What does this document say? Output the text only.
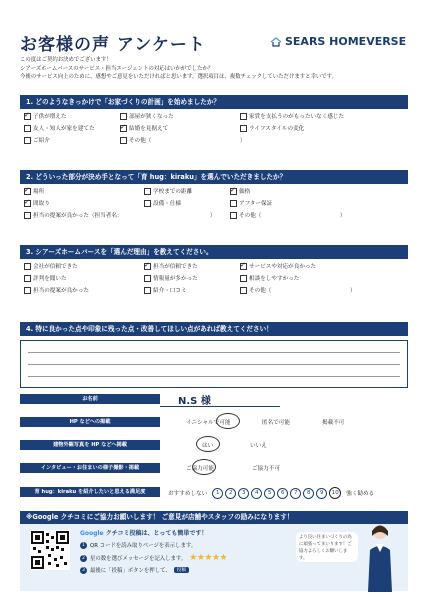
お客様の声 アンケート	SEARS HOMEVERSE
この度はご契約お決めでございます！
シアーズホームバースのサービス・担当エージェントの対応はいかがでしたか？
今後のサービス向上のために、感想やご意見をいただければと思います。選択項目は、複数チェックしていただけますと幸いです。
1. どのようなきっかけで「お家づくりの計画」を始めましたか？
✓
子供が増えた	部屋が狭くなった	家賃を支払うのがもったいなく感じた
友人・知人が家を建てた ✓	結婚を見据えて	ライフスタイルの変化
ご紹介	その他（	）
2. どういった部分が決め手となって「育 hug：kiraku」を選んでいただきましたか？
✓
場所	学校までの距離 ✓	価格
✓
間取り	設備・仕様	アフター保証
担当の提案が良かった（担当者名：	）	その他（	）
3. シアーズホームバースを「選んだ理由」を教えてください。
会社が信頼できた ✓	担当が信頼できた ✓	サービスや対応が良かった
評判を聞いた	情報量が多かった	相談をしやすかった
担当の提案が良かった	紹介・口コミ	その他（	）
4. 特に良かった点や印象に残った点・改善してほしい点があれば教えてください！
お名前	N.S 様
HP などへの掲載	イニシャルで可能	匿名で可能	掲載不可
建物外観写真を HP などへ掲載	はい	いいえ
インタビュー・お住まいの様子撮影・掲載	ご協力可能	ご協力不可
育 hug：kiraku を紹介したいと思える満足度	おすすめしない	1	2	3	4	5	6	7	8	9	10	強く勧める
※Google クチコミにご協力お願いします！ ご意見が店舗やスタッフの励みになります！
Google クチコミ投稿は、とっても簡単です！
1 QR コードを読み取りページを表示します。
2 星の数を選びメッセージを記入します。 ★★★★★
3 最後に「投稿」ボタンを押して、	投稿
より良い住まいづくりの為に頑張ってまいります！ご協力よろしくお願いします。
